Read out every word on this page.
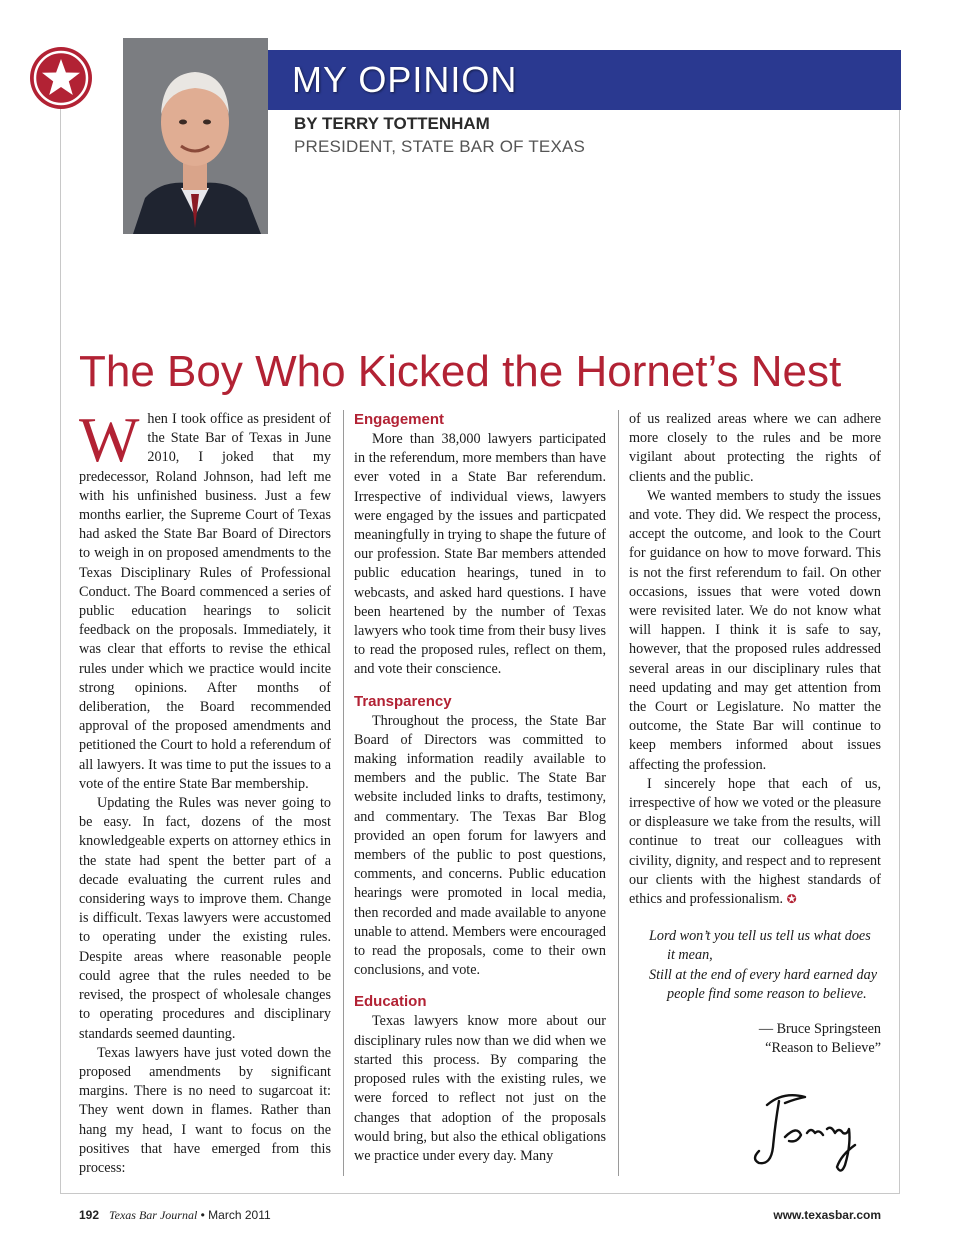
MY OPINION
BY TERRY TOTTENHAM
PRESIDENT, STATE BAR OF TEXAS
The Boy Who Kicked the Hornet’s Nest

When I took office as president of the State Bar of Texas in June 2010, I joked that my predecessor, Roland Johnson, had left me with his unfinished business. Just a few months earlier, the Supreme Court of Texas had asked the State Bar Board of Directors to weigh in on proposed amendments to the Texas Disciplinary Rules of Professional Conduct. The Board commenced a series of public education hearings to solicit feedback on the proposals. Immediately, it was clear that efforts to revise the ethical rules under which we practice would incite strong opinions. After months of deliberation, the Board recommended approval of the proposed amendments and petitioned the Court to hold a referendum of all lawyers. It was time to put the issues to a vote of the entire State Bar membership.

Updating the Rules was never going to be easy. In fact, dozens of the most knowledgeable experts on attorney ethics in the state had spent the better part of a decade evaluating the current rules and considering ways to improve them. Change is difficult. Texas lawyers were accustomed to operating under the existing rules. Despite areas where reasonable people could agree that the rules needed to be revised, the prospect of wholesale changes to operating procedures and disciplinary standards seemed daunting.

Texas lawyers have just voted down the proposed amendments by significant margins. There is no need to sugarcoat it: They went down in flames. Rather than hang my head, I want to focus on the positives that have emerged from this process:

Engagement

More than 38,000 lawyers participated in the referendum, more members than have ever voted in a State Bar referendum. Irrespective of individual views, lawyers were engaged by the issues and particpated meaningfully in trying to shape the future of our profession. State Bar members attended public education hearings, tuned in to webcasts, and asked hard questions. I have been heartened by the number of Texas lawyers who took time from their busy lives to read the proposed rules, reflect on them, and vote their conscience.

Transparency

Throughout the process, the State Bar Board of Directors was committed to making information readily available to members and the public. The State Bar website included links to drafts, testimony, and commentary. The Texas Bar Blog provided an open forum for lawyers and members of the public to post questions, comments, and concerns. Public education hearings were promoted in local media, then recorded and made available to anyone unable to attend. Members were encouraged to read the proposals, come to their own conclusions, and vote.

Education

Texas lawyers know more about our disciplinary rules now than we did when we started this process. By comparing the proposed rules with the existing rules, we were forced to reflect not just on the changes that adoption of the proposals would bring, but also the ethical obligations we practice under every day. Many

of us realized areas where we can adhere more closely to the rules and be more vigilant about protecting the rights of clients and the public.

We wanted members to study the issues and vote. They did. We respect the process, accept the outcome, and look to the Court for guidance on how to move forward. This is not the first referendum to fail. On other occasions, issues that were voted down were revisited later. We do not know what will happen. I think it is safe to say, however, that the proposed rules addressed several areas in our disciplinary rules that need updating and may get attention from the Court or Legislature. No matter the outcome, the State Bar will continue to keep members informed about issues affecting the profession.

I sincerely hope that each of us, irrespective of how we voted or the pleasure or displeasure we take from the results, will continue to treat our colleagues with civility, dignity, and respect and to represent our clients with the highest standards of ethics and professionalism. ✪

Lord won’t you tell us tell us what does
it mean,
Still at the end of every hard earned day
people find some reason to believe.
— Bruce Springsteen
“Reason to Believe”
192 Texas Bar Journal • March 2011	www.texasbar.com
